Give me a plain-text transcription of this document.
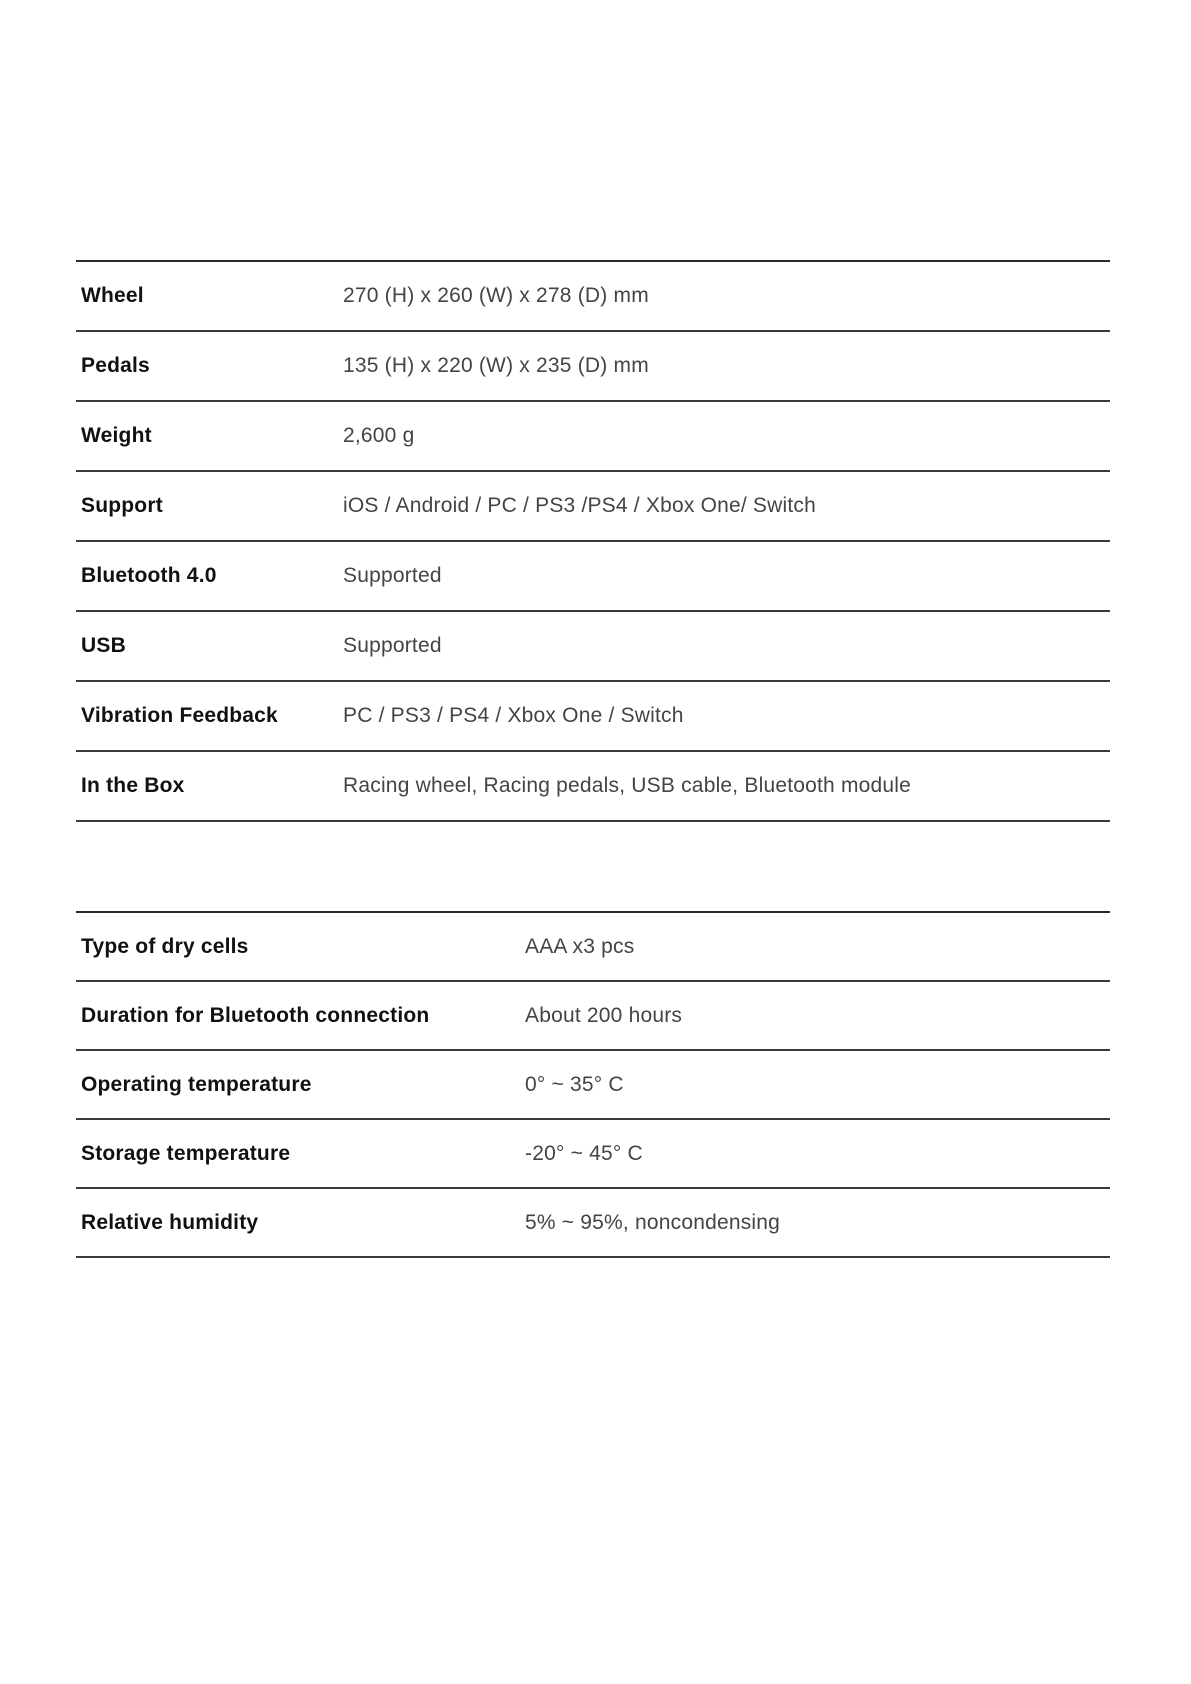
Wheel	270 (H) x 260 (W) x 278 (D) mm
Pedals	135 (H) x 220 (W) x 235 (D) mm
Weight	2,600 g
Support	iOS / Android / PC / PS3 /PS4 / Xbox One/ Switch
Bluetooth 4.0	Supported
USB	Supported
Vibration Feedback	PC / PS3 / PS4 / Xbox One / Switch
In the Box	Racing wheel, Racing pedals, USB cable, Bluetooth module
Type of dry cells	AAA x3 pcs
Duration for Bluetooth connection	About 200 hours
Operating temperature	0° ~ 35° C
Storage temperature	-20° ~ 45° C
Relative humidity	5% ~ 95%, noncondensing
